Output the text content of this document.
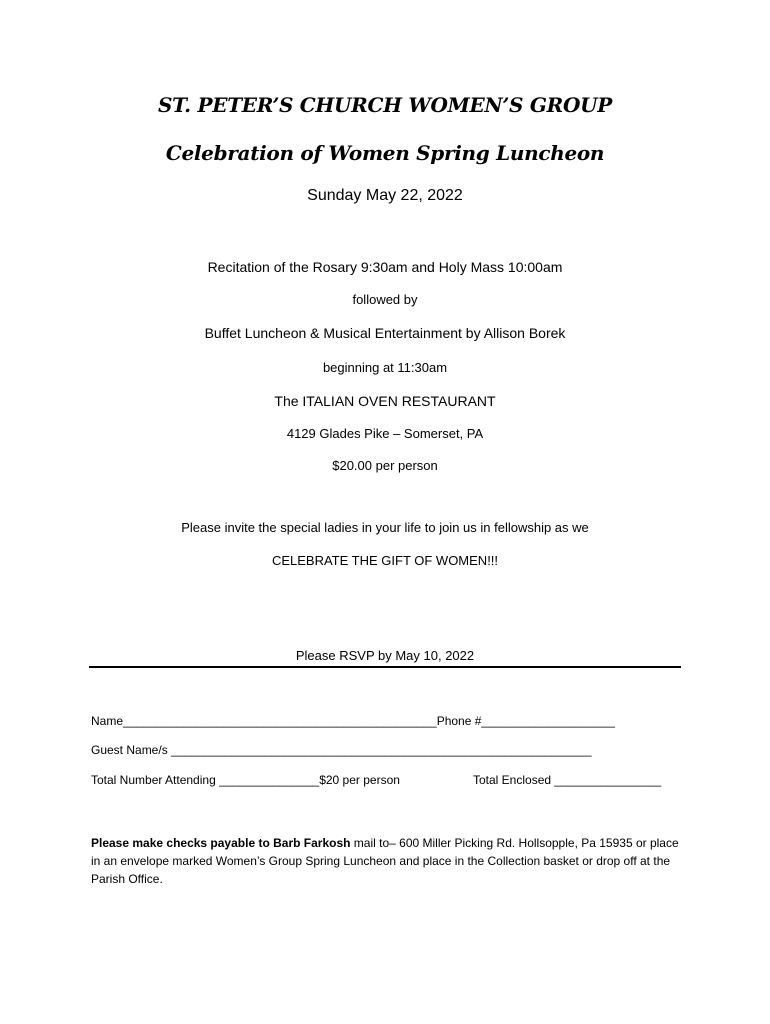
ST. PETER’S CHURCH WOMEN’S GROUP
Celebration of Women Spring Luncheon
Sunday May 22, 2022
Recitation of the Rosary 9:30am and Holy Mass 10:00am
followed by
Buffet Luncheon & Musical Entertainment by Allison Borek
beginning at 11:30am
The ITALIAN OVEN RESTAURANT
4129 Glades Pike – Somerset, PA
$20.00 per person
Please invite the special ladies in your life to join us in fellowship as we
CELEBRATE THE GIFT OF WOMEN!!!
Please RSVP by May 10, 2022
Name_______________________________________________Phone #____________________
Guest Name/s _______________________________________________________________
Total Number Attending _______________$20 per person	Total Enclosed ________________
Please make checks payable to Barb Farkosh mail to– 600 Miller Picking Rd. Hollsopple, Pa 15935 or place in an envelope marked Women’s Group Spring Luncheon and place in the Collection basket or drop off at the Parish Office.
